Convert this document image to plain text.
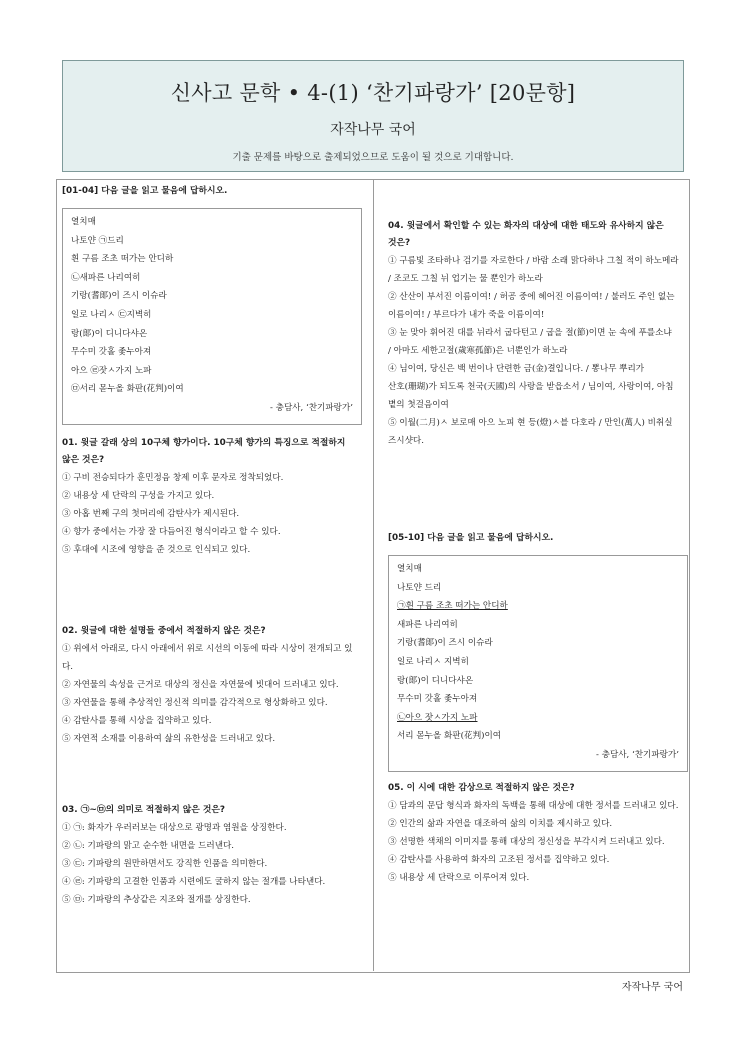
신사고 문학 • 4-(1) ‘찬기파랑가’ [20문항]
자작나무 국어
기출 문제를 바탕으로 출제되었으므로 도움이 될 것으로 기대합니다.
[01-04] 다음 글을 읽고 물음에 답하시오.
열치매
나토얀 ㉠드리
흰 구름 조초 떠가는 안디하
㉡새파른 나리여히
기랑(耆郞)이 즈시 이슈라
일로 나리ㅅ ㉢지벽히
랑(郞)이 디니다샤온
무수미 갓홀 좇누아져
아으 ㉣잣ㅅ가지 노파
㉤서리 몯누올 화판(花判)이여
- 충담사, ‘찬기파랑가’
01. 윗글 갈래 상의 10구체 향가이다. 10구체 향가의 특징으로 적절하지
않은 것은?
① 구비 전승되다가 훈민정음 창제 이후 문자로 정착되었다.
② 내용상 세 단락의 구성을 가지고 있다.
③ 아홉 번째 구의 첫머리에 감탄사가 제시된다.
④ 향가 중에서는 가장 잘 다듬어진 형식이라고 할 수 있다.
⑤ 후대에 시조에 영향을 준 것으로 인식되고 있다.
02. 윗글에 대한 설명들 중에서 적절하지 않은 것은?
① 위에서 아래로, 다시 아래에서 위로 시선의 이동에 따라 시상이 전개되고 있
다.
② 자연물의 속성을 근거로 대상의 정신을 자연물에 빗대어 드러내고 있다.
③ 자연물을 통해 추상적인 정신적 의미를 감각적으로 형상화하고 있다.
④ 감탄사를 통해 시상을 집약하고 있다.
⑤ 자연적 소재를 이용하여 삶의 유한성을 드러내고 있다.
03. ㉠~㉤의 의미로 적절하지 않은 것은?
① ㉠: 화자가 우러러보는 대상으로 광명과 염원을 상징한다.
② ㉡: 기파랑의 맑고 순수한 내면을 드러낸다.
③ ㉢: 기파랑의 원만하면서도 강직한 인품을 의미한다.
④ ㉣: 기파랑의 고결한 인품과 시련에도 굴하지 않는 절개를 나타낸다.
⑤ ㉤: 기파랑의 추상같은 지조와 절개를 상징한다.
04. 윗글에서 확인할 수 있는 화자의 대상에 대한 태도와 유사하지 않은
것은?
① 구름빛 조타하나 검기를 자로한다 / 바람 소래 맑다하나 그칠 적이 하노메라
/ 조코도 그칠 뉘 업기는 물 뿐인가 하노라
② 산산이 부서진 이름이여! / 허공 중에 헤어진 이름이여! / 불러도 주인 없는
이름이여! / 부르다가 내가 죽을 이름이여!
③ 눈 맞아 휘어진 대를 뉘라서 굽다턴고 / 굽을 절(節)이면 눈 속에 푸를소냐
/ 아마도 세한고절(歲寒孤節)은 너뿐인가 하노라
④ 님이여, 당신은 백 번이나 단련한 금(金)결입니다. / 뽕나무 뿌리가
산호(珊瑚)가 되도록 천국(天國)의 사랑을 받읍소서 / 님이여, 사랑이여, 아침
볕의 첫걸음이여
⑤ 이월(二月)ㅅ 보로매 아으 노피 현 등(燈)ㅅ블 다호라 / 만인(萬人) 비취실
즈시샷다.
[05-10] 다음 글을 읽고 물음에 답하시오.
열치매
나토얀 드리
㉠흰 구름 조초 떠가는 안디하
새파른 나리여히
기랑(耆郞)이 즈시 이슈라
일로 나리ㅅ 지벽히
랑(郞)이 디니다샤온
무수미 갓홀 좇누아져
㉡아으 잣ㅅ가지 노파
서리 몯누올 화판(花判)이여
- 충담사, ‘찬기파랑가’
05. 이 시에 대한 감상으로 적절하지 않은 것은?
① 담과의 문답 형식과 화자의 독백을 통해 대상에 대한 정서를 드러내고 있다.
② 인간의 삶과 자연을 대조하여 삶의 이치를 제시하고 있다.
③ 선명한 색채의 이미지를 통해 대상의 정신성을 부각시켜 드러내고 있다.
④ 감탄사를 사용하여 화자의 고조된 정서를 집약하고 있다.
⑤ 내용상 세 단락으로 이루어져 있다.
자작나무 국어
